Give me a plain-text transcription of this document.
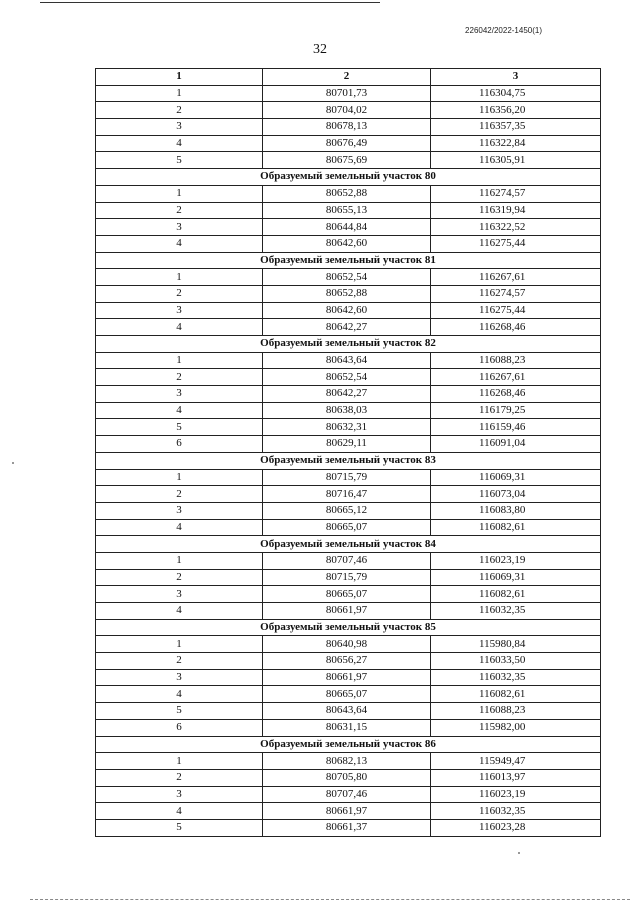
226042/2022-1450(1)
32
1	2	3
1	80701,73	116304,75
2	80704,02	116356,20
3	80678,13	116357,35
4	80676,49	116322,84
5	80675,69	116305,91
Образуемый земельный участок 80		
1	80652,88	116274,57
2	80655,13	116319,94
3	80644,84	116322,52
4	80642,60	116275,44
Образуемый земельный участок 81		
1	80652,54	116267,61
2	80652,88	116274,57
3	80642,60	116275,44
4	80642,27	116268,46
Образуемый земельный участок 82		
1	80643,64	116088,23
2	80652,54	116267,61
3	80642,27	116268,46
4	80638,03	116179,25
5	80632,31	116159,46
6	80629,11	116091,04
Образуемый земельный участок 83		
1	80715,79	116069,31
2	80716,47	116073,04
3	80665,12	116083,80
4	80665,07	116082,61
Образуемый земельный участок 84		
1	80707,46	116023,19
2	80715,79	116069,31
3	80665,07	116082,61
4	80661,97	116032,35
Образуемый земельный участок 85		
1	80640,98	115980,84
2	80656,27	116033,50
3	80661,97	116032,35
4	80665,07	116082,61
5	80643,64	116088,23
6	80631,15	115982,00
Образуемый земельный участок 86		
1	80682,13	115949,47
2	80705,80	116013,97
3	80707,46	116023,19
4	80661,97	116032,35
5	80661,37	116023,28
